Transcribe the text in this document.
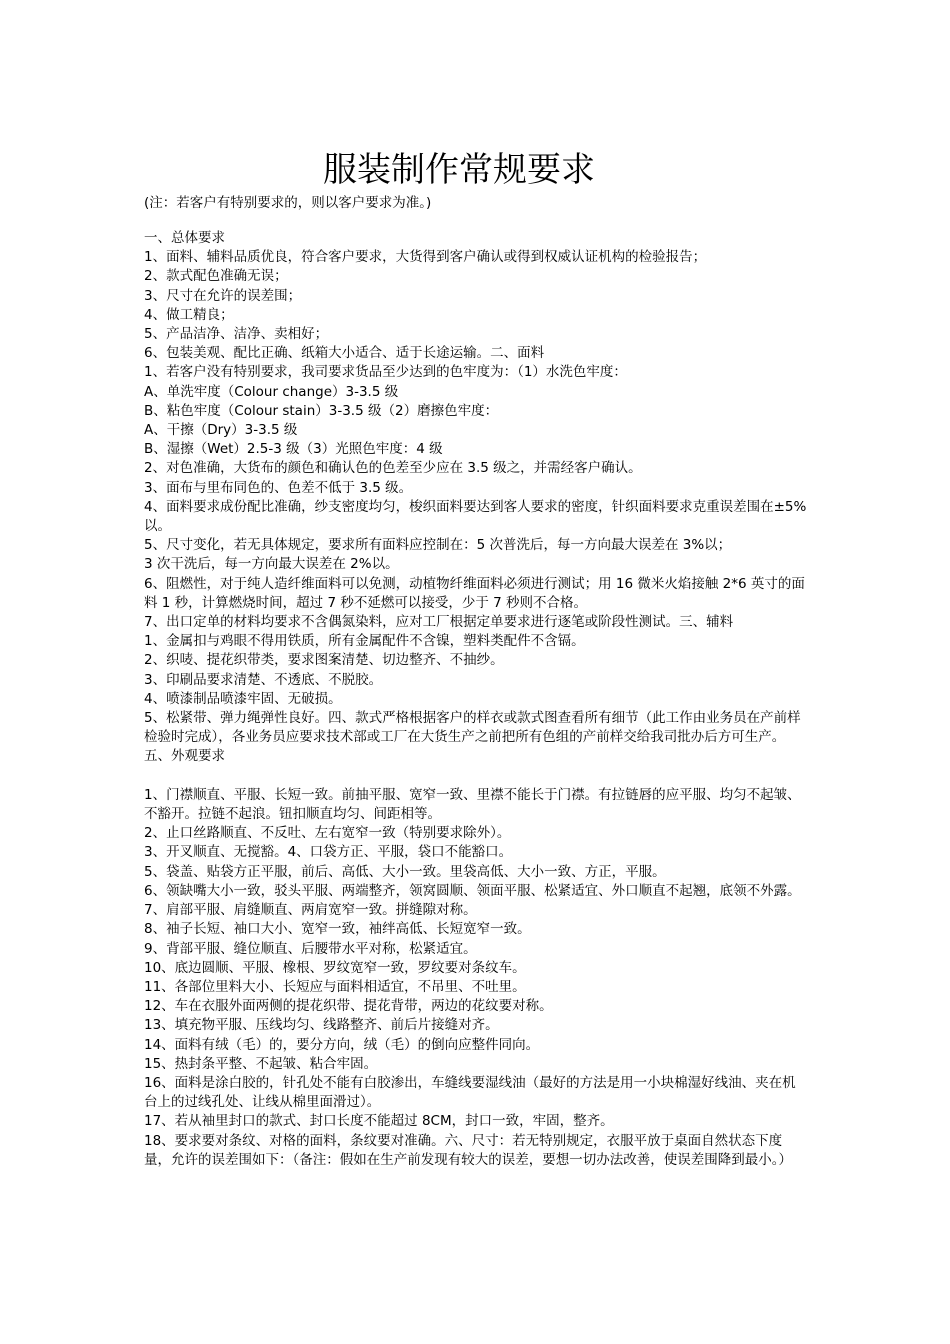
服装制作常规要求

(注：若客户有特别要求的，则以客户要求为准。)

一、总体要求

1、面料、辅料品质优良，符合客户要求，大货得到客户确认或得到权威认证机构的检验报告；

2、款式配色准确无误；

3、尺寸在允许的误差围；

4、做工精良；

5、产品洁净、洁净、卖相好；

6、包装美观、配比正确、纸箱大小适合、适于长途运输。二、面料

1、若客户没有特别要求，我司要求货品至少达到的色牢度为：（1）水洗色牢度：

A、单洗牢度（Colour change）3-3.5 级

B、粘色牢度（Colour stain）3-3.5 级（2）磨擦色牢度：

A、干擦（Dry）3-3.5 级

B、湿擦（Wet）2.5-3 级（3）光照色牢度：4 级

2、对色准确，大货布的颜色和确认色的色差至少应在 3.5 级之，并需经客户确认。

3、面布与里布同色的、色差不低于 3.5 级。

4、面料要求成份配比准确，纱支密度均匀，梭织面料要达到客人要求的密度，针织面料要求克重误差围在±5%以。

5、尺寸变化，若无具体规定，要求所有面料应控制在：5 次普洗后，每一方向最大误差在 3%以；

3 次干洗后，每一方向最大误差在 2%以。

6、阻燃性，对于纯人造纤维面料可以免测，动植物纤维面料必须进行测试；用 16 微米火焰接触 2*6 英寸的面料 1 秒，计算燃烧时间，超过 7 秒不延燃可以接受，少于 7 秒则不合格。

7、出口定单的材料均要求不含偶氮染料，应对工厂根据定单要求进行逐笔或阶段性测试。三、辅料

1、金属扣与鸡眼不得用铁质，所有金属配件不含镍，塑料类配件不含镉。

2、织唛、提花织带类，要求图案清楚、切边整齐、不抽纱。

3、印刷品要求清楚、不透底、不脱胶。

4、喷漆制品喷漆牢固、无破损。

5、松紧带、弹力绳弹性良好。四、款式严格根据客户的样衣或款式图查看所有细节（此工作由业务员在产前样检验时完成），各业务员应要求技术部或工厂在大货生产之前把所有色组的产前样交给我司批办后方可生产。五、外观要求

1、门襟顺直、平服、长短一致。前抽平服、宽窄一致、里襟不能长于门襟。有拉链唇的应平服、均匀不起皱、不豁开。拉链不起浪。钮扣顺直均匀、间距相等。

2、止口丝路顺直、不反吐、左右宽窄一致（特别要求除外）。

3、开叉顺直、无搅豁。4、口袋方正、平服，袋口不能豁口。

5、袋盖、贴袋方正平服，前后、高低、大小一致。里袋高低、大小一致、方正，平服。

6、领缺嘴大小一致，驳头平服、两端整齐，领窝圆顺、领面平服、松紧适宜、外口顺直不起翘，底领不外露。

7、肩部平服、肩缝顺直、两肩宽窄一致。拼缝隙对称。

8、袖子长短、袖口大小、宽窄一致，袖绊高低、长短宽窄一致。

9、背部平服、缝位顺直、后腰带水平对称，松紧适宜。

10、底边圆顺、平服、橡根、罗纹宽窄一致，罗纹要对条纹车。

11、各部位里料大小、长短应与面料相适宜，不吊里、不吐里。

12、车在衣服外面两侧的提花织带、提花背带，两边的花纹要对称。

13、填充物平服、压线均匀、线路整齐、前后片接缝对齐。

14、面料有绒（毛）的，要分方向，绒（毛）的倒向应整件同向。

15、热封条平整、不起皱、粘合牢固。

16、面料是涂白胶的，针孔处不能有白胶渗出，车缝线要湿线油（最好的方法是用一小块棉湿好线油、夹在机台上的过线孔处、让线从棉里面滑过）。

17、若从袖里封口的款式、封口长度不能超过 8CM，封口一致，牢固，整齐。

18、要求要对条纹、对格的面料，条纹要对准确。六、尺寸：若无特别规定，衣服平放于桌面自然状态下度量，允许的误差围如下：（备注：假如在生产前发现有较大的误差，要想一切办法改善，使误差围降到最小。）
